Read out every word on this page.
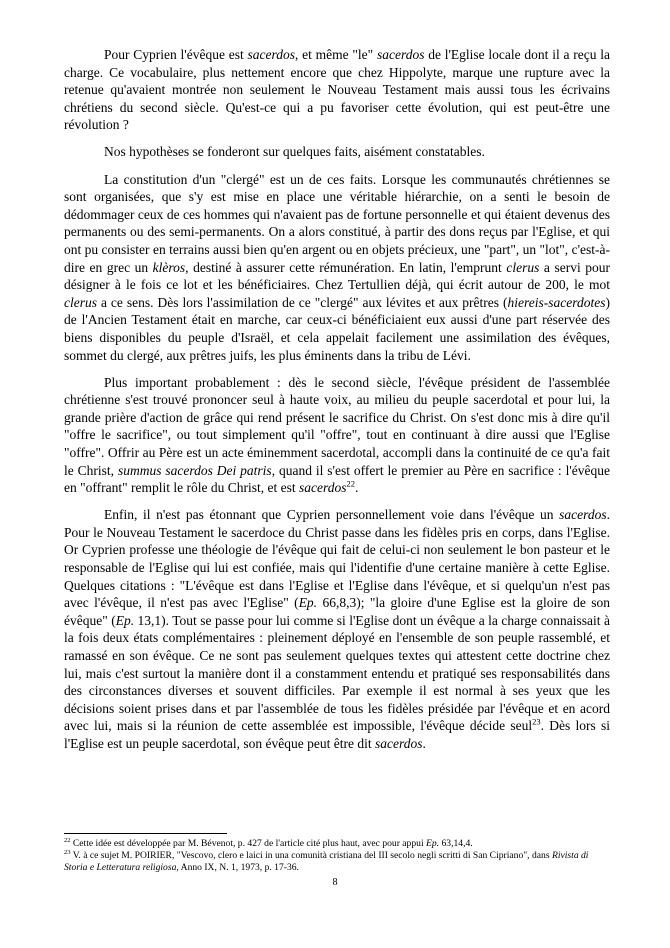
Pour Cyprien l'évêque est sacerdos, et même "le" sacerdos de l'Eglise locale dont il a reçu la charge. Ce vocabulaire, plus nettement encore que chez Hippolyte, marque une rupture avec la retenue qu'avaient montrée non seulement le Nouveau Testament mais aussi tous les écrivains chrétiens du second siècle. Qu'est-ce qui a pu favoriser cette évolution, qui est peut-être une révolution ?

Nos hypothèses se fonderont sur quelques faits, aisément constatables.

La constitution d'un "clergé" est un de ces faits. Lorsque les communautés chrétiennes se sont organisées, que s'y est mise en place une véritable hiérarchie, on a senti le besoin de dédommager ceux de ces hommes qui n'avaient pas de fortune personnelle et qui étaient devenus des permanents ou des semi-permanents. On a alors constitué, à partir des dons reçus par l'Eglise, et qui ont pu consister en terrains aussi bien qu'en argent ou en objets précieux, une "part", un "lot", c'est-à-dire en grec un klèros, destiné à assurer cette rémunération. En latin, l'emprunt clerus a servi pour désigner à le fois ce lot et les bénéficiaires. Chez Tertullien déjà, qui écrit autour de 200, le mot clerus a ce sens. Dès lors l'assimilation de ce "clergé" aux lévites et aux prêtres (hiereis-sacerdotes) de l'Ancien Testament était en marche, car ceux-ci bénéficiaient eux aussi d'une part réservée des biens disponibles du peuple d'Israël, et cela appelait facilement une assimilation des évêques, sommet du clergé, aux prêtres juifs, les plus éminents dans la tribu de Lévi.

Plus important probablement : dès le second siècle, l'évêque président de l'assemblée chrétienne s'est trouvé prononcer seul à haute voix, au milieu du peuple sacerdotal et pour lui, la grande prière d'action de grâce qui rend présent le sacrifice du Christ. On s'est donc mis à dire qu'il "offre le sacrifice", ou tout simplement qu'il "offre", tout en continuant à dire aussi que l'Eglise "offre". Offrir au Père est un acte éminemment sacerdotal, accompli dans la continuité de ce qu'a fait le Christ, summus sacerdos Dei patris, quand il s'est offert le premier au Père en sacrifice : l'évêque en "offrant" remplit le rôle du Christ, et est sacerdos$^{22}$.

Enfin, il n'est pas étonnant que Cyprien personnellement voie dans l'évêque un sacerdos. Pour le Nouveau Testament le sacerdoce du Christ passe dans les fidèles pris en corps, dans l'Eglise. Or Cyprien professe une théologie de l'évêque qui fait de celui-ci non seulement le bon pasteur et le responsable de l'Eglise qui lui est confiée, mais qui l'identifie d'une certaine manière à cette Eglise. Quelques citations : "L'évêque est dans l'Eglise et l'Eglise dans l'évêque, et si quelqu'un n'est pas avec l'évêque, il n'est pas avec l'Eglise" (Ep. 66,8,3); "la gloire d'une Eglise est la gloire de son évêque" (Ep. 13,1). Tout se passe pour lui comme si l'Eglise dont un évêque a la charge connaissait à la fois deux états complémentaires : pleinement déployé en l'ensemble de son peuple rassemblé, et ramassé en son évêque. Ce ne sont pas seulement quelques textes qui attestent cette doctrine chez lui, mais c'est surtout la manière dont il a constamment entendu et pratiqué ses responsabilités dans des circonstances diverses et souvent difficiles. Par exemple il est normal à ses yeux que les décisions soient prises dans et par l'assemblée de tous les fidèles présidée par l'évêque et en acord avec lui, mais si la réunion de cette assemblée est impossible, l'évêque décide seul$^{23}$. Dès lors si l'Eglise est un peuple sacerdotal, son évêque peut être dit sacerdos.

$^{22}$ Cette idée est développée par M. Bévenot, p. 427 de l'article cité plus haut, avec pour appui Ep. 63,14,4.

$^{23}$ V. à ce sujet M. POIRIER, "Vescovo, clero e laici in una comunità cristiana del III secolo negli scritti di San Cipriano", dans Rivista di Storia e Letteratura religiosa, Anno IX, N. 1, 1973, p. 17-36.

8
